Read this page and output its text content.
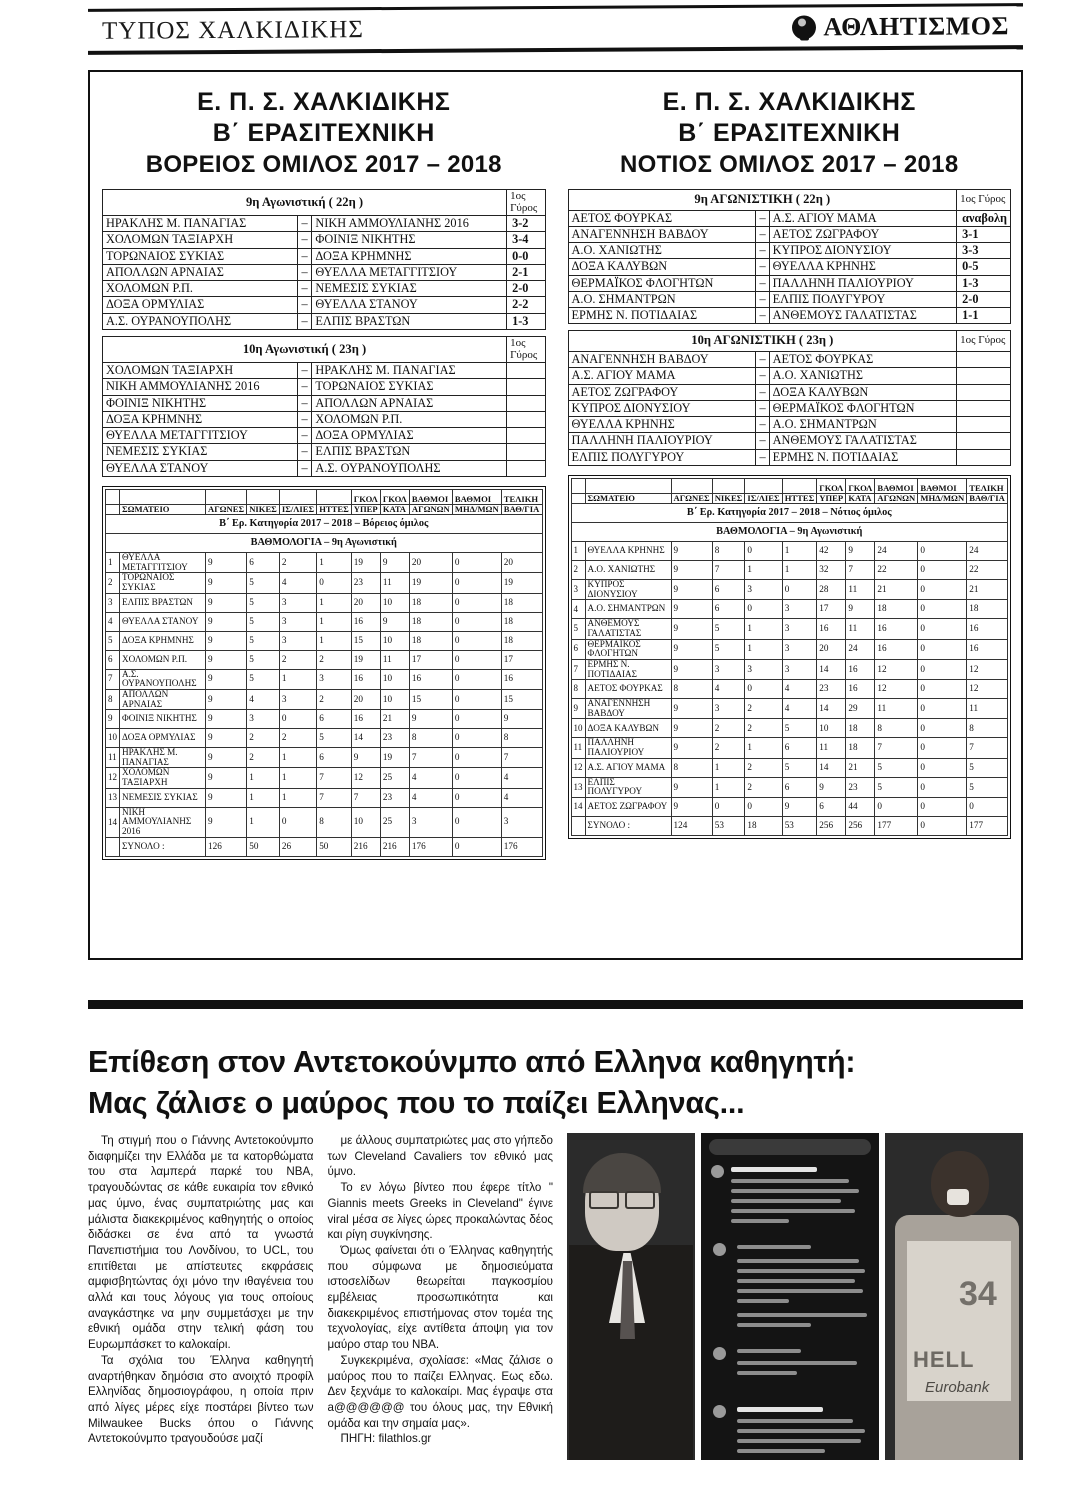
ΤΥΠΟΣ ΧΑΛΚΙΔΙΚΗΣ	ΑΘΛΗΤΙΣΜΟΣ
Ε. Π. Σ. ΧΑΛΚΙΔΙΚΗΣ
Β΄ ΕΡΑΣΙΤΕΧΝΙΚΗ
ΒΟΡΕΙΟΣ ΟΜΙΛΟΣ 2017 – 2018
9η Αγωνιστική ( 22η )			1ος Γύρος
ΗΡΑΚΛΗΣ Μ. ΠΑΝΑΓΙΑΣ	–	ΝΙΚΗ ΑΜΜΟΥΛΙΑΝΗΣ 2016	3-2
ΧΟΛΟΜΩΝ ΤΑΞΙΑΡΧΗ	–	ΦΟΙΝΙΞ ΝΙΚΗΤΗΣ	3-4
ΤΟΡΩΝΑΙΟΣ ΣΥΚΙΑΣ	–	ΔΟΞΑ ΚΡΗΜΝΗΣ	0-0
ΑΠΟΛΛΩΝ ΑΡΝΑΙΑΣ	–	ΘΥΕΛΛΑ ΜΕΤΑΓΓΙΤΣΙΟΥ	2-1
ΧΟΛΟΜΩΝ Ρ.Π.	–	ΝΕΜΕΣΙΣ ΣΥΚΙΑΣ	2-0
ΔΟΞΑ ΟΡΜΥΛΙΑΣ	–	ΘΥΕΛΛΑ ΣΤΑΝΟΥ	2-2
Α.Σ. ΟΥΡΑΝΟΥΠΟΛΗΣ	–	ΕΛΠΙΣ ΒΡΑΣΤΩΝ	1-3

10η Αγωνιστική ( 23η )			1ος Γύρος
ΧΟΛΟΜΩΝ ΤΑΞΙΑΡΧΗ	–	ΗΡΑΚΛΗΣ Μ. ΠΑΝΑΓΙΑΣ	
ΝΙΚΗ ΑΜΜΟΥΛΙΑΝΗΣ 2016	–	ΤΟΡΩΝΑΙΟΣ ΣΥΚΙΑΣ	
ΦΟΙΝΙΞ ΝΙΚΗΤΗΣ	–	ΑΠΟΛΛΩΝ ΑΡΝΑΙΑΣ	
ΔΟΞΑ ΚΡΗΜΝΗΣ	–	ΧΟΛΟΜΩΝ Ρ.Π.	
ΘΥΕΛΛΑ ΜΕΤΑΓΓΙΤΣΙΟΥ	–	ΔΟΞΑ ΟΡΜΥΛΙΑΣ	
ΝΕΜΕΣΙΣ ΣΥΚΙΑΣ	–	ΕΛΠΙΣ ΒΡΑΣΤΩΝ	
ΘΥΕΛΛΑ ΣΤΑΝΟΥ	–	Α.Σ. ΟΥΡΑΝΟΥΠΟΛΗΣ	
Β΄ Ερ. Κατηγορία 2017 – 2018 – Βόρειος όμιλος										
ΒΑΘΜΟΛΟΓΙΑ – 9η Αγωνιστική										
						ΓΚΟΛ	ΓΚΟΛ	ΒΑΘΜΟΙ	ΒΑΘΜΟΙ	ΤΕΛΙΚΗ
	ΣΩΜΑΤΕΙΟ	ΑΓΩΝΕΣ	ΝΙΚΕΣ	ΙΣ/ΛΙΕΣ	ΗΤΤΕΣ	ΥΠΕΡ	ΚΑΤΑ	ΑΓΩΝΩΝ	ΜΗΔ/ΜΩΝ	ΒΑΘ/ΓΙΑ
1	ΘΥΕΛΛΑ ΜΕΤΑΓΓΙΤΣΙΟΥ	9	6	2	1	19	9	20	0	20
2	ΤΟΡΩΝΑΙΟΣ ΣΥΚΙΑΣ	9	5	4	0	23	11	19	0	19
3	ΕΛΠΙΣ ΒΡΑΣΤΩΝ	9	5	3	1	20	10	18	0	18
4	ΘΥΕΛΛΑ ΣΤΑΝΟΥ	9	5	3	1	16	9	18	0	18
5	ΔΟΞΑ ΚΡΗΜΝΗΣ	9	5	3	1	15	10	18	0	18
6	ΧΟΛΟΜΩΝ Ρ.Π.	9	5	2	2	19	11	17	0	17
7	Α.Σ. ΟΥΡΑΝΟΥΠΟΛΗΣ	9	5	1	3	16	10	16	0	16
8	ΑΠΟΛΛΩΝ ΑΡΝΑΙΑΣ	9	4	3	2	20	10	15	0	15
9	ΦΟΙΝΙΞ ΝΙΚΗΤΗΣ	9	3	0	6	16	21	9	0	9
10	ΔΟΞΑ ΟΡΜΥΛΙΑΣ	9	2	2	5	14	23	8	0	8
11	ΗΡΑΚΛΗΣ Μ. ΠΑΝΑΓΙΑΣ	9	2	1	6	9	19	7	0	7
12	ΧΟΛΟΜΩΝ ΤΑΞΙΑΡΧΗ	9	1	1	7	12	25	4	0	4
13	ΝΕΜΕΣΙΣ ΣΥΚΙΑΣ	9	1	1	7	7	23	4	0	4
14	ΝΙΚΗ ΑΜΜΟΥΛΙΑΝΗΣ 2016	9	1	0	8	10	25	3	0	3
	ΣΥΝΟΛΟ :	126	50	26	50	216	216	176	0	176
Ε. Π. Σ. ΧΑΛΚΙΔΙΚΗΣ
Β΄ ΕΡΑΣΙΤΕΧΝΙΚΗ
ΝΟΤΙΟΣ ΟΜΙΛΟΣ 2017 – 2018
9η ΑΓΩΝΙΣΤΙΚΗ ( 22η )			1ος Γύρος
ΑΕΤΟΣ ΦΟΥΡΚΑΣ	–	Α.Σ. ΑΓΙΟΥ ΜΑΜΑ	αναβολη
ΑΝΑΓΕΝΝΗΣΗ ΒΑΒΔΟΥ	–	ΑΕΤΟΣ ΖΩΓΡΑΦΟΥ	3-1
Α.Ο. ΧΑΝΙΩΤΗΣ	–	ΚΥΠΡΟΣ ΔΙΟΝΥΣΙΟΥ	3-3
ΔΟΞΑ ΚΑΛΥΒΩΝ	–	ΘΥΕΛΛΑ ΚΡΗΝΗΣ	0-5
ΘΕΡΜΑΪΚΟΣ ΦΛΟΓΗΤΩΝ	–	ΠΑΛΛΗΝΗ ΠΑΛΙΟΥΡΙΟΥ	1-3
Α.Ο. ΣΗΜΑΝΤΡΩΝ	–	ΕΛΠΙΣ ΠΟΛΥΓΥΡΟΥ	2-0
ΕΡΜΗΣ Ν. ΠΟΤΙΔΑΙΑΣ	–	ΑΝΘΕΜΟΥΣ ΓΑΛΑΤΙΣΤΑΣ	1-1

10η ΑΓΩΝΙΣΤΙΚΗ ( 23η )			1ος Γύρος
ΑΝΑΓΕΝΝΗΣΗ ΒΑΒΔΟΥ	–	ΑΕΤΟΣ ΦΟΥΡΚΑΣ	
Α.Σ. ΑΓΙΟΥ ΜΑΜΑ	–	Α.Ο. ΧΑΝΙΩΤΗΣ	
ΑΕΤΟΣ ΖΩΓΡΑΦΟΥ	–	ΔΟΞΑ ΚΑΛΥΒΩΝ	
ΚΥΠΡΟΣ ΔΙΟΝΥΣΙΟΥ	–	ΘΕΡΜΑΪΚΟΣ ΦΛΟΓΗΤΩΝ	
ΘΥΕΛΛΑ ΚΡΗΝΗΣ	–	Α.Ο. ΣΗΜΑΝΤΡΩΝ	
ΠΑΛΛΗΝΗ ΠΑΛΙΟΥΡΙΟΥ	–	ΑΝΘΕΜΟΥΣ ΓΑΛΑΤΙΣΤΑΣ	
ΕΛΠΙΣ ΠΟΛΥΓΥΡΟΥ	–	ΕΡΜΗΣ Ν. ΠΟΤΙΔΑΙΑΣ	
Β΄ Ερ. Κατηγορία 2017 – 2018 – Νότιος όμιλος										
ΒΑΘΜΟΛΟΓΙΑ – 9η Αγωνιστική										
						ΓΚΟΛ	ΓΚΟΛ	ΒΑΘΜΟΙ	ΒΑΘΜΟΙ	ΤΕΛΙΚΗ
	ΣΩΜΑΤΕΙΟ	ΑΓΩΝΕΣ	ΝΙΚΕΣ	ΙΣ/ΛΙΕΣ	ΗΤΤΕΣ	ΥΠΕΡ	ΚΑΤΑ	ΑΓΩΝΩΝ	ΜΗΔ/ΜΩΝ	ΒΑΘ/ΓΙΑ
1	ΘΥΕΛΛΑ ΚΡΗΝΗΣ	9	8	0	1	42	9	24	0	24
2	Α.Ο. ΧΑΝΙΩΤΗΣ	9	7	1	1	32	7	22	0	22
3	ΚΥΠΡΟΣ ΔΙΟΝΥΣΙΟΥ	9	6	3	0	28	11	21	0	21
4	Α.Ο. ΣΗΜΑΝΤΡΩΝ	9	6	0	3	17	9	18	0	18
5	ΑΝΘΕΜΟΥΣ ΓΑΛΑΤΙΣΤΑΣ	9	5	1	3	16	11	16	0	16
6	ΘΕΡΜΑΪΚΟΣ ΦΛΟΓΗΤΩΝ	9	5	1	3	20	24	16	0	16
7	ΕΡΜΗΣ Ν. ΠΟΤΙΔΑΙΑΣ	9	3	3	3	14	16	12	0	12
8	ΑΕΤΟΣ ΦΟΥΡΚΑΣ	8	4	0	4	23	16	12	0	12
9	ΑΝΑΓΕΝΝΗΣΗ ΒΑΒΔΟΥ	9	3	2	4	14	29	11	0	11
10	ΔΟΞΑ ΚΑΛΥΒΩΝ	9	2	2	5	10	18	8	0	8
11	ΠΑΛΛΗΝΗ ΠΑΛΙΟΥΡΙΟΥ	9	2	1	6	11	18	7	0	7
12	Α.Σ. ΑΓΙΟΥ ΜΑΜΑ	8	1	2	5	14	21	5	0	5
13	ΕΛΠΙΣ ΠΟΛΥΓΥΡΟΥ	9	1	2	6	9	23	5	0	5
14	ΑΕΤΟΣ ΖΩΓΡΑΦΟΥ	9	0	0	9	6	44	0	0	0
	ΣΥΝΟΛΟ :	124	53	18	53	256	256	177	0	177
Επίθεση στον Αντετοκούνμπο από Ελληνα καθηγητή:
Μας ζάλισε ο μαύρος που το παίζει Ελληνας...

Τη στιγμή που ο Γιάννης Αντετοκούνμπο διαφημίζει την Ελλάδα με τα κατορθώματα του στα λαμπερά παρκέ του NBA, τραγουδώντας σε κάθε ευκαιρία τον εθνικό μας ύμνο, ένας συμπατριώτης μας και μάλιστα διακεκριμένος καθηγητής ο οποίος διδάσκει σε ένα από τα γνωστά Πανεπιστήμια του Λονδίνου, το UCL, του επιτίθεται με απίστευτες εκφράσεις αμφισβητώντας όχι μόνο την ιθαγένεια του αλλά και τους λόγους για τους οποίους αναγκάστηκε να μην συμμετάσχει με την εθνική ομάδα στην τελική φάση του Ευρωμπάσκετ το καλοκαίρι.

Τα σχόλια του Έλληνα καθηγητή αναρτήθηκαν δημόσια στο ανοιχτό προφίλ Ελληνίδας δημοσιογράφου, η οποία πριν από λίγες μέρες είχε ποστάρει βίντεο των Milwaukee Bucks όπου ο Γιάννης Αντετοκούνμπο τραγουδούσε μαζί

με άλλους συμπατριώτες μας στο γήπεδο των Cleveland Cavaliers τον εθνικό μας ύμνο.

Το εν λόγω βίντεο που έφερε τίτλο " Giannis meets Greeks in Cleveland" έγινε viral μέσα σε λίγες ώρες προκαλώντας δέος και ρίγη συγκίνησης.

Όμως φαίνεται ότι ο Έλληνας καθηγητής που σύμφωνα με δημοσιεύματα ιστοσελίδων θεωρείται παγκοσμίου εμβέλειας προσωπικότητα και διακεκριμένος επιστήμονας στον τομέα της τεχνολογίας, είχε αντίθετα άποψη για τον μαύρο σταρ του NBA.

Συγκεκριμένα, σχολίασε: «Μας ζάλισε ο μαύρος που το παίζει Ελληνας. Εως εδω. Δεν ξεχνάμε το καλοκαίρι. Μας έγραψε στα a@@@@@@ του όλους μας, την Εθνική ομάδα και την σημαία μας».

ΠΗΓΗ: filathlos.gr

34
HELL
Eurobank
